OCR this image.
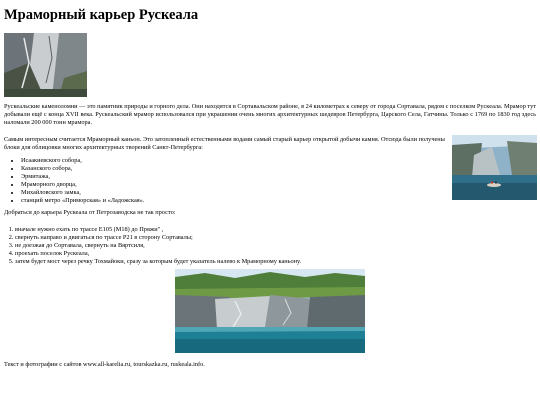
Мраморный карьер Рускеала

Рускеальские каменоломни — это памятник природы и горного дела. Они находятся в Сортавальском районе, в 24 километрах к северу от города Сортавала, рядом с поселком Рускеала. Мрамор тут добывали ещё с конца XVII века. Рускеальский мрамор использовался при украшении очень многих архитектурных шедевров Петербурга, Царского Села, Гатчины. Только с 1769 по 1830 год здесь наломали 200 000 тонн мрамора.

Самым интересным считается Мраморный каньон. Это затопленный естественными водами самый старый карьер открытой добычи камня. Отсюда были получены блоки для облицовки многих архитектурных творений Санкт-Петербурга:

• Исаакиевского собора,
• Казанского собора,
• Эрмитажа,
• Мраморного дворца,
• Михайловского замка,
• станций метро «Приморская» и «Ладожская».

Добраться до карьера Рускеала от Петрозаводска не так просто:

1. вначале нужно ехать по трассе Е105 (М18) до Пряжи" ,
2. свернуть направо и двигаться по трассе Р21 в сторону Сортавалы;
3. не доезжая до Сортавала, свернуть на Вяртсиля,
4. проехать поселок Рускеала,
5. затем будет мост через речку Тохмайоки, сразу за которым будет указатель налево к Мраморному каньону.

Текст и фотографии с сайтов www.all-karelia.ru, tourskazka.ru, ruskeala.info.
